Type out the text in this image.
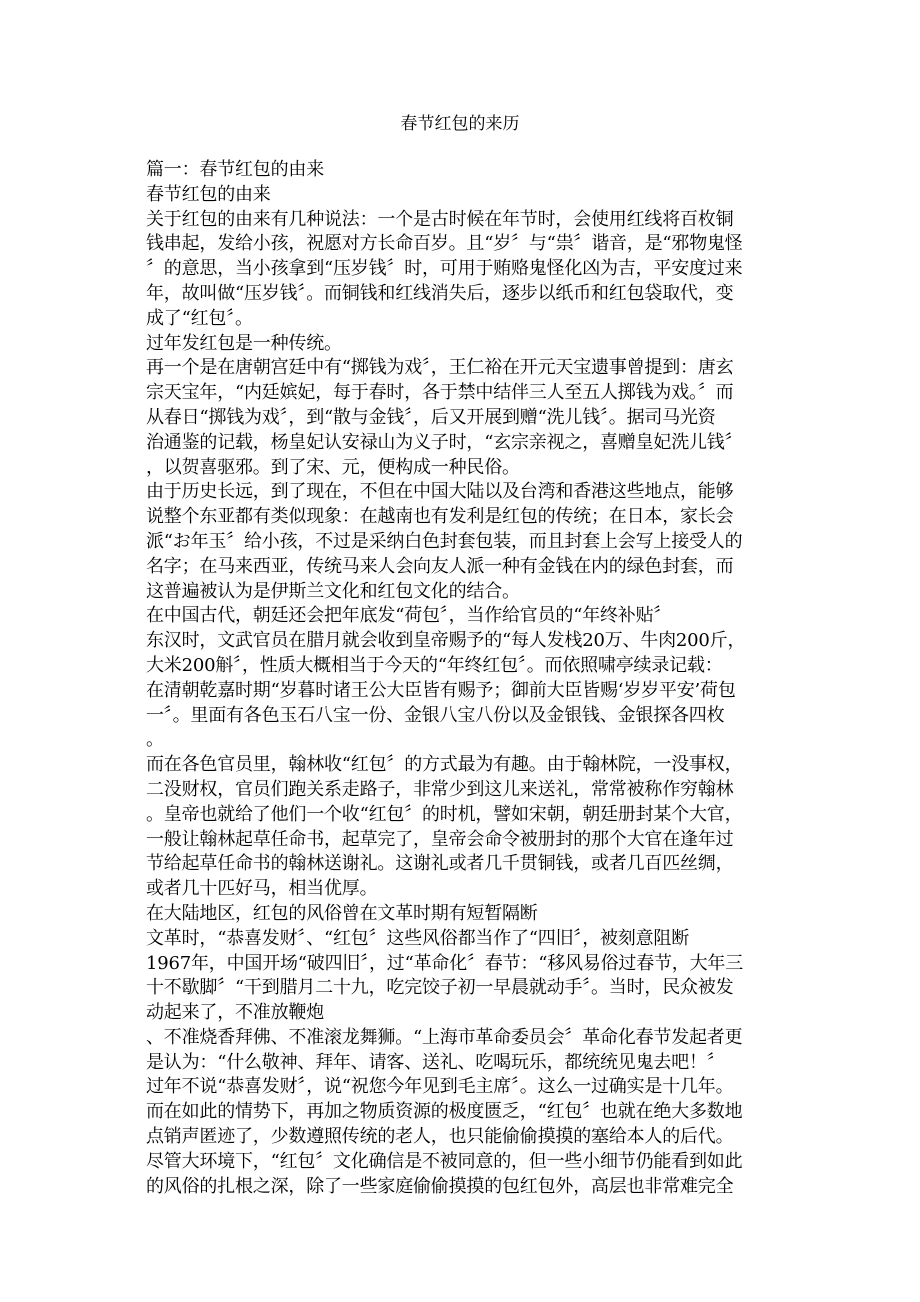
春节红包的来历
篇一：春节红包的由来
春节红包的由来
关于红包的由来有几种说法：一个是古时候在年节时，会使用红线将百枚铜
钱串起，发给小孩，祝愿对方长命百岁。且“岁〞与“祟〞谐音，是“邪物鬼怪
〞的意思，当小孩拿到“压岁钱〞时，可用于贿赂鬼怪化凶为吉，平安度过来
年，故叫做“压岁钱〞。而铜钱和红线消失后，逐步以纸币和红包袋取代，变
成了“红包〞。
过年发红包是一种传统。
再一个是在唐朝宫廷中有“掷钱为戏〞，王仁裕在开元天宝遗事曾提到：唐玄
宗天宝年，“内廷嫔妃，每于春时，各于禁中结伴三人至五人掷钱为戏。〞而
从春日“掷钱为戏〞，到“散与金钱〞，后又开展到赠“洗儿钱〞。据司马光资
治通鉴的记载，杨皇妃认安禄山为义子时，“玄宗亲视之，喜赠皇妃洗儿钱〞
，以贺喜驱邪。到了宋、元，便构成一种民俗。
由于历史长远，到了现在，不但在中国大陆以及台湾和香港这些地点，能够
说整个东亚都有类似现象：在越南也有发利是红包的传统；在日本，家长会
派“お年玉〞给小孩，不过是采纳白色封套包装，而且封套上会写上接受人的
名字；在马来西亚，传统马来人会向友人派一种有金钱在内的绿色封套，而
这普遍被认为是伊斯兰文化和红包文化的结合。
在中国古代，朝廷还会把年底发“荷包〞，当作给官员的“年终补贴〞
东汉时，文武官员在腊月就会收到皇帝赐予的“每人发栈20万、牛肉200斤，
大米200斛〞，性质大概相当于今天的“年终红包〞。而依照啸亭续录记载：
在清朝乾嘉时期“岁暮时诸王公大臣皆有赐予；御前大臣皆赐‘岁岁平安’荷包
一〞。里面有各色玉石八宝一份、金银八宝八份以及金银钱、金银探各四枚
。
而在各色官员里，翰林收“红包〞的方式最为有趣。由于翰林院，一没事权，
二没财权，官员们跑关系走路子，非常少到这儿来送礼，常常被称作穷翰林
。皇帝也就给了他们一个收“红包〞的时机，譬如宋朝，朝廷册封某个大官，
一般让翰林起草任命书，起草完了，皇帝会命令被册封的那个大官在逢年过
节给起草任命书的翰林送谢礼。这谢礼或者几千贯铜钱，或者几百匹丝绸，
或者几十匹好马，相当优厚。
在大陆地区，红包的风俗曾在文革时期有短暂隔断
文革时，“恭喜发财〞、“红包〞这些风俗都当作了“四旧〞，被刻意阻断
1967年，中国开场“破四旧〞，过“革命化〞春节：“移风易俗过春节，大年三
十不歇脚〞“干到腊月二十九，吃完饺子初一早晨就动手〞。当时，民众被发
动起来了，不准放鞭炮
、不准烧香拜佛、不准滚龙舞狮。“上海市革命委员会〞革命化春节发起者更
是认为：“什么敬神、拜年、请客、送礼、吃喝玩乐，都统统见鬼去吧！〞
过年不说“恭喜发财〞，说“祝您今年见到毛主席〞。这么一过确实是十几年。
而在如此的情势下，再加之物质资源的极度匮乏，“红包〞也就在绝大多数地
点销声匿迹了，少数遵照传统的老人，也只能偷偷摸摸的塞给本人的后代。
尽管大环境下，“红包〞文化确信是不被同意的，但一些小细节仍能看到如此
的风俗的扎根之深，除了一些家庭偷偷摸摸的包红包外，高层也非常难完全
